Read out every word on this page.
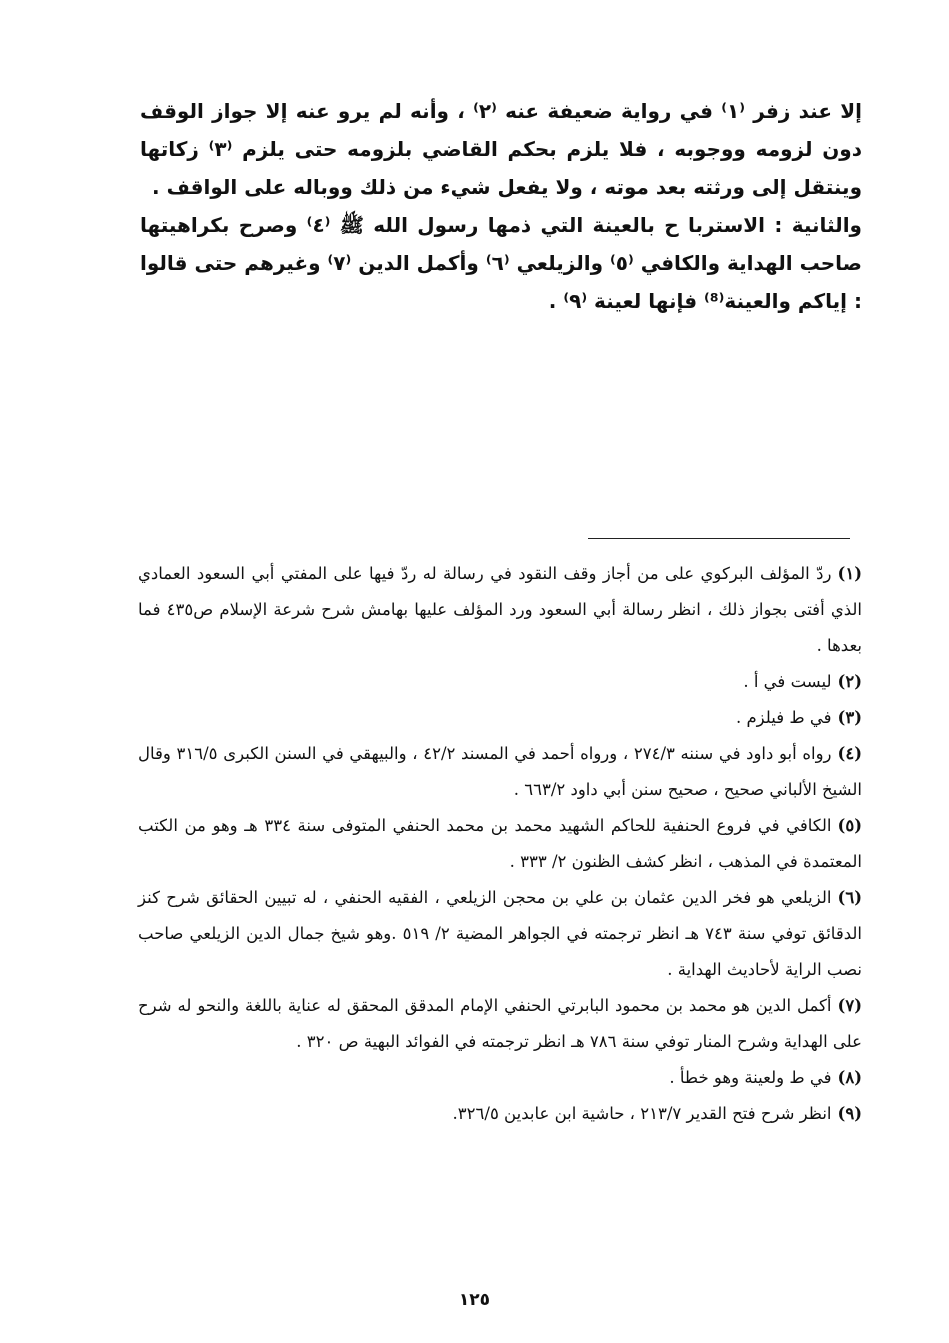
إلا عند زفر ⁽١⁾ في رواية ضعيفة عنه ⁽٢⁾ ، وأنه لم يرو عنه إلا جواز الوقف دون لزومه ووجوبه ، فلا يلزم بحكم القاضي بلزومه حتى يلزم ⁽٣⁾ زكاتها وينتقل إلى ورثته بعد موته ، ولا يفعل شيء من ذلك ووباله على الواقف .

والثانية : الاستربا ح بالعينة التي ذمها رسول الله ﷺ ⁽٤⁾ وصرح بكراهيتها صاحب الهداية والكافي ⁽٥⁾ والزيلعي ⁽٦⁾ وأكمل الدين ⁽٧⁾ وغيرهم حتى قالوا : إياكم والعينة⁽⁸⁾ فإنها لعينة ⁽٩⁾ .

(١)ردّ المؤلف البركوي على من أجاز وقف النقود في رسالة له ردّ فيها على المفتي أبي السعود العمادي الذي أفتى بجواز ذلك ، انظر رسالة أبي السعود ورد المؤلف عليها بهامش شرح شرعة الإسلام ص٤٣٥ فما بعدها .

(٢)ليست في أ .

(٣)في ط فيلزم .

(٤)رواه أبو داود في سننه ٢٧٤/٣ ، ورواه أحمد في المسند ٤٢/٢ ، والبيهقي في السنن الكبرى ٣١٦/٥ وقال الشيخ الألباني صحيح ، صحيح سنن أبي داود ٦٦٣/٢ .

(٥)الكافي في فروع الحنفية للحاكم الشهيد محمد بن محمد الحنفي المتوفى سنة ٣٣٤ هـ وهو من الكتب المعتمدة في المذهب ، انظر كشف الظنون ٢/ ٣٣٣ .

(٦)الزيلعي هو فخر الدين عثمان بن علي بن محجن الزيلعي ، الفقيه الحنفي ، له تبيين الحقائق شرح كنز الدقائق توفي سنة ٧٤٣ هـ انظر ترجمته في الجواهر المضية ٢/ ٥١٩ .وهو شيخ جمال الدين الزيلعي صاحب نصب الراية لأحاديث الهداية .

(٧)أكمل الدين هو محمد بن محمود البابرتي الحنفي الإمام المدقق المحقق له عناية باللغة والنحو له شرح على الهداية وشرح المنار توفي سنة ٧٨٦ هـ انظر ترجمته في الفوائد البهية ص ٣٢٠ .

(٨)في ط ولعينة وهو خطأ .

(٩)انظر شرح فتح القدير ٢١٣/٧ ، حاشية ابن عابدين ٣٢٦/٥.

١٢٥
